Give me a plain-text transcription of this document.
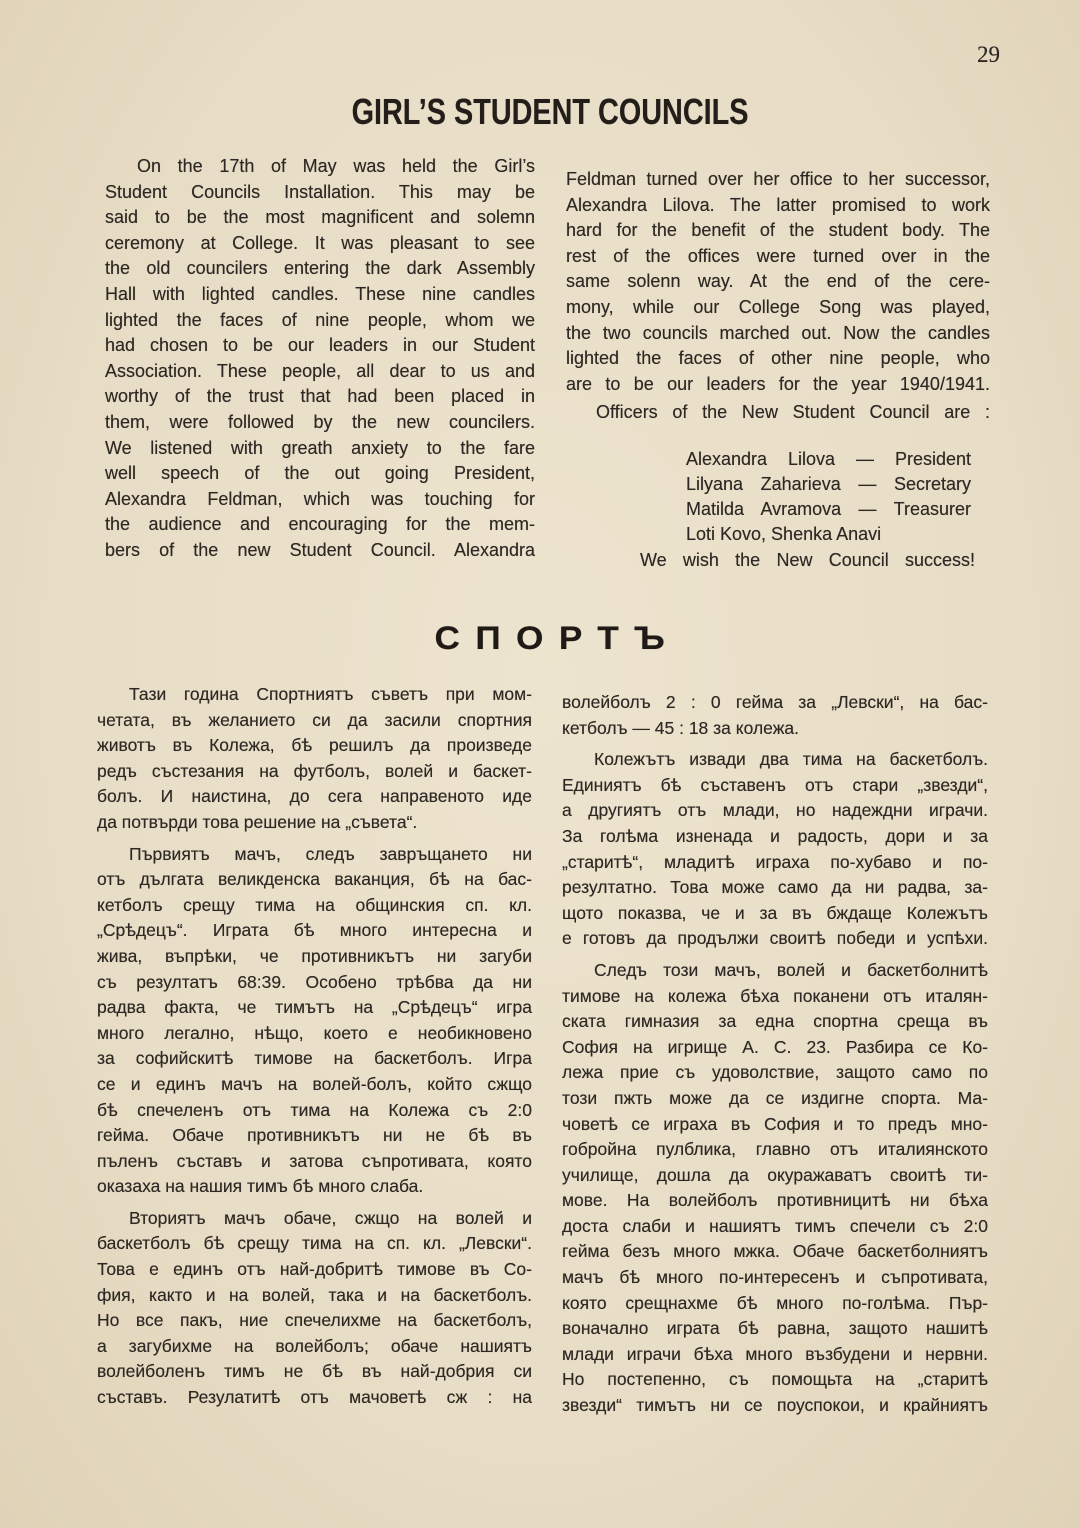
29
GIRL’S STUDENT COUNCILS
On the 17th of May was held the Girl’s
Student Councils Installation. This may be
said to be the most magnificent and solemn
ceremony at College. It was pleasant to see
the old councilers entering the dark Assembly
Hall with lighted candles. These nine candles
lighted the faces of nine people, whom we
had chosen to be our leaders in our Student
Association. These people, all dear to us and
worthy of the trust that had been placed in
them, were followed by the new councilers.
We listened with greath anxiety to the fare
well speech of the out going President,
Alexandra Feldman, which was touching for
the audience and encouraging for the mem-
bers of the new Student Council. Alexandra
Feldman turned over her office to her successor,
Alexandra Lilova. The latter promised to work
hard for the benefit of the student body. The
rest of the offices were turned over in the
same solenn way. At the end of the cere-
mony, while our College Song was played,
the two councils marched out. Now the candles
lighted the faces of other nine people, who
are to be our leaders for the year 1940/1941.
Officers of the New Student Council are :
Alexandra Lilova — President
Lilyana Zaharieva — Secretary
Matilda Avramova — Treasurer
Loti Kovo, Shenka Anavi
We wish the New Council success!
СПОРТЪ
Тази година Спортниятъ съветъ при мом-
четата, въ желанието си да засили спортния
животъ въ Колежа, бѣ решилъ да произведе
редъ състезания на футболъ, волей и баскет-
болъ. И наистина, до сега направеното иде
да потвърди това решение на „съвета“.
Първиятъ мачъ, следъ завръщането ни
отъ дългата великденска ваканция, бѣ на бас-
кетболъ срещу тима на общинския сп. кл.
„Срѣдецъ“. Играта бѣ много интересна и
жива, въпрѣки, че противникътъ ни загуби
съ резултатъ 68:39. Особено трѣбва да ни
радва факта, че тимътъ на „Срѣдецъ“ игра
много легално, нѣщо, което е необикновено
за софийскитѣ тимове на баскетболъ. Игра
се и единъ мачъ на волей-болъ, който сжщо
бѣ спечеленъ отъ тима на Колежа съ 2:0
гейма. Обаче противникътъ ни не бѣ въ
пъленъ съставъ и затова съпротивата, която
оказаха на нашия тимъ бѣ много слаба.
Вториятъ мачъ обаче, сжщо на волей и
баскетболъ бѣ срещу тима на сп. кл. „Левски“.
Това е единъ отъ най-добритѣ тимове въ Со-
фия, както и на волей, така и на баскетболъ.
Но все пакъ, ние спечелихме на баскетболъ,
а загубихме на волейболъ; обаче нашиятъ
волейболенъ тимъ не бѣ въ най-добрия си
съставъ. Резулатитѣ отъ мачоветѣ сж : на
волейболъ 2 : 0 гейма за „Левски“, на бас-
кетболъ — 45 : 18 за колежа.
Колежътъ извади два тима на баскетболъ.
Единиятъ бѣ съставенъ отъ стари „звезди“,
а другиятъ отъ млади, но надеждни играчи.
За голѣма изненада и радость, дори и за
„старитѣ“, младитѣ играха по-хубаво и по-
резултатно. Това може само да ни радва, за-
щото показва, че и за въ бждаще Колежътъ
е готовъ да продължи своитѣ победи и успѣхи.
Следъ този мачъ, волей и баскетболнитѣ
тимове на колежа бѣха поканени отъ италян-
ската гимназия за една спортна среща въ
София на игрище А. С. 23. Разбира се Ко-
лежа прие съ удоволствие, защото само по
този пжть може да се издигне спорта. Ма-
човетѣ се играха въ София и то предъ мно-
гобройна пулблика, главно отъ италиянското
училище, дошла да окуражаватъ своитѣ ти-
мове. На волейболъ противницитѣ ни бѣха
доста слаби и нашиятъ тимъ спечели съ 2:0
гейма безъ много мжка. Обаче баскетболниятъ
мачъ бѣ много по-интересенъ и съпротивата,
която срещнахме бѣ много по-голѣма. Пър-
воначално играта бѣ равна, защото нашитѣ
млади играчи бѣха много възбудени и нервни.
Но постепенно, съ помощьта на „старитѣ
звезди“ тимътъ ни се поуспокои, и крайниятъ
